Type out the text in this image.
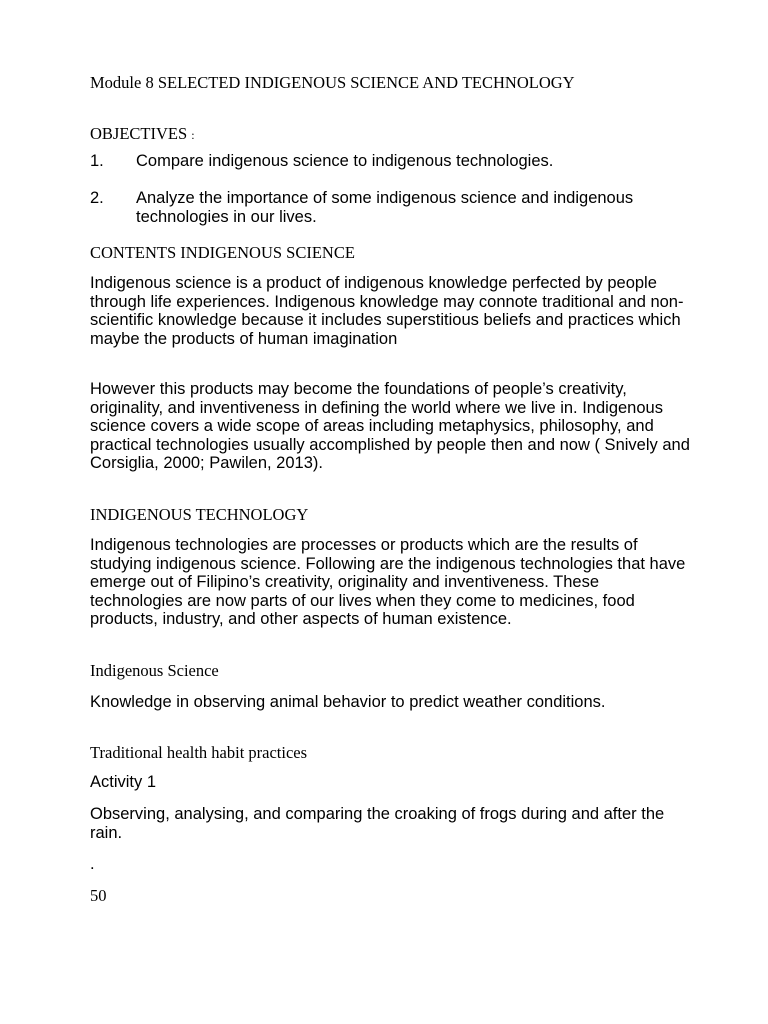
Module 8 SELECTED INDIGENOUS SCIENCE AND TECHNOLOGY
OBJECTIVES :
1. Compare indigenous science to indigenous technologies.
2. Analyze the importance of some indigenous science and indigenous technologies in our lives.
CONTENTS INDIGENOUS SCIENCE

Indigenous science is a product of indigenous knowledge perfected by people through life experiences. Indigenous knowledge may connote traditional and non- scientific knowledge because it includes superstitious beliefs and practices which maybe the products of human imagination

However this products may become the foundations of people’s creativity, originality, and inventiveness in defining the world where we live in. Indigenous science covers a wide scope of areas including metaphysics, philosophy, and practical technologies usually accomplished by people then and now ( Snively and Corsiglia, 2000; Pawilen, 2013).

INDIGENOUS TECHNOLOGY

Indigenous technologies are processes or products which are the results of studying indigenous science. Following are the indigenous technologies that have emerge out of Filipino’s creativity, originality and inventiveness. These technologies are now parts of our lives when they come to medicines, food products, industry, and other aspects of human existence.

Indigenous Science

Knowledge in observing animal behavior to predict weather conditions.

Traditional health habit practices
Activity 1

Observing, analysing, and comparing the croaking of frogs during and after the rain.

.
50
